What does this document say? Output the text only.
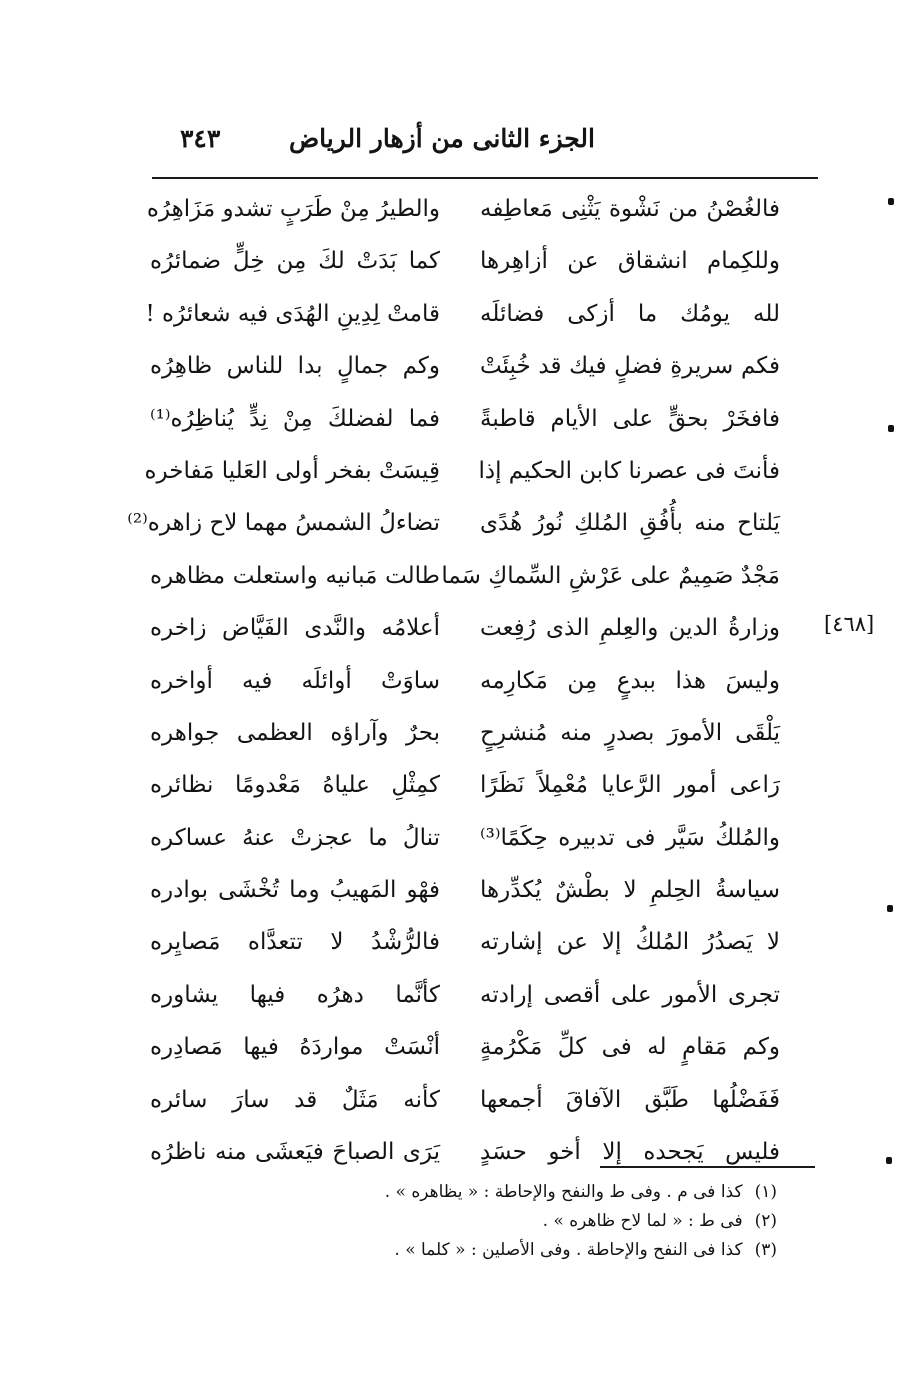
الجزء الثانى من أزهار الرياض
٣٤٣
فالغُصْنُ من نَشْوة يَثْنِى مَعاطِفه
والطيرُ مِنْ طَرَبٍ تشدو مَزَاهِرُه
وللكِمام انشقاق عن أزاهِرها
كما بَدَتْ لكَ مِن خِلٍّ ضمائرُه
لله يومُك ما أزكى فضائلَه
قامتْ لِدِينِ الهُدَى فيه شعائرُه !
فكم سريرةِ فضلٍ فيك قد خُبِئَتْ
وكم جمالٍ بدا للناس ظاهِرُه
فافخَرْ بحقٍّ على الأيام قاطبةً
فما لفضلكَ مِنْ نِدٍّ يُناظِرُه⁽¹⁾
فأنتَ فى عصرنا كابن الحكيم إذا
قِيسَتْ بفخر أولى العَليا مَفاخره
يَلتاح منه بأُفُقِ المُلكِ نُورُ هُدًى
تضاءلُ الشمسُ مهما لاح زاهره⁽²⁾
مَجْدٌ صَمِيمٌ على عَرْشِ السِّماكِ سَما
طالت مَبانيه واستعلت مظاهره
وزارةُ الدين والعِلمِ الذى رُفِعت
أعلامُه والنَّدى الفَيَّاض زاخره
وليسَ هذا ببدعٍ مِن مَكارِمه
ساوَتْ أوائلَه فيه أواخره
يَلْقَى الأمورَ بصدرٍ منه مُنشرِحٍ
بحرٌ وآراؤه العظمى جواهره
رَاعى أمور الرَّعايا مُعْمِلاً نَظَرًا
كمِثْلِ علياهُ مَعْدومًا نظائره
والمُلكُ سَيَّر فى تدبيره حِكَمًا⁽³⁾
تنالُ ما عجزتْ عنهُ عساكره
سياسةُ الحِلمِ لا بطْشٌ يُكدِّرها
فهْو المَهيبُ وما تُخْشَى بوادره
لا يَصدُرُ المُلكُ إلا عن إشارته
فالرُّشْدُ لا تتعدَّاه مَصايِره
تجرى الأمور على أقصى إرادته
كأنَّما دهرُه فيها يشاوره
وكم مَقامٍ له فى كلِّ مَكْرُمةٍ
أنْسَتْ مواردَهُ فيها مَصادِره
فَفَضْلُها طَبَّق الآفاقَ أجمعها
كأنه مَثَلٌ قد سارَ سائره
فليس يَجحده إلا أخو حسَدٍ
يَرَى الصباحَ فيَعشَى منه ناظرُه
[٤٦٨]
(١)كذا فى م . وفى ط والنفح والإحاطة : « يظاهره » .
(٢)فى ط : « لما لاح ظاهره » .
(٣)كذا فى النفح والإحاطة . وفى الأصلين : « كلما » .
